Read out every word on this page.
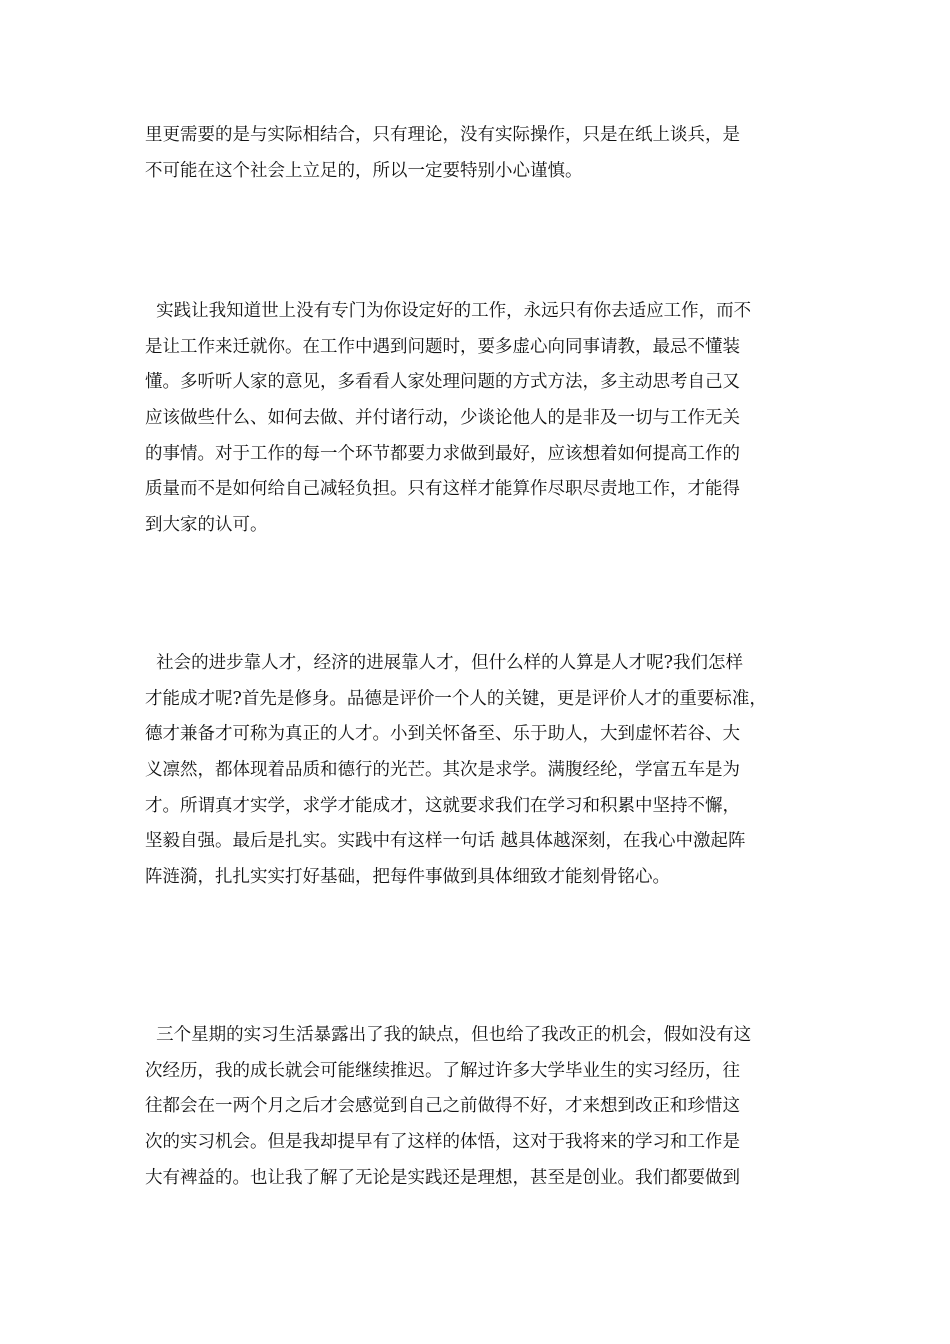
里更需要的是与实际相结合，只有理论，没有实际操作，只是在纸上谈兵，是
不可能在这个社会上立足的，所以一定要特别小心谨慎。
实践让我知道世上没有专门为你设定好的工作，永远只有你去适应工作，而不
是让工作来迁就你。在工作中遇到问题时，要多虚心向同事请教，最忌不懂装
懂。多听听人家的意见，多看看人家处理问题的方式方法，多主动思考自己又
应该做些什么、如何去做、并付诸行动，少谈论他人的是非及一切与工作无关
的事情。对于工作的每一个环节都要力求做到最好，应该想着如何提高工作的
质量而不是如何给自己减轻负担。只有这样才能算作尽职尽责地工作，才能得
到大家的认可。
社会的进步靠人才，经济的进展靠人才，但什么样的人算是人才呢?我们怎样
才能成才呢?首先是修身。品德是评价一个人的关键，更是评价人才的重要标准，
德才兼备才可称为真正的人才。小到关怀备至、乐于助人，大到虚怀若谷、大
义凛然，都体现着品质和德行的光芒。其次是求学。满腹经纶，学富五车是为
才。所谓真才实学，求学才能成才，这就要求我们在学习和积累中坚持不懈，
坚毅自强。最后是扎实。实践中有这样一句话 越具体越深刻，在我心中激起阵
阵涟漪，扎扎实实打好基础，把每件事做到具体细致才能刻骨铭心。
三个星期的实习生活暴露出了我的缺点，但也给了我改正的机会，假如没有这
次经历，我的成长就会可能继续推迟。了解过许多大学毕业生的实习经历，往
往都会在一两个月之后才会感觉到自己之前做得不好，才来想到改正和珍惜这
次的实习机会。但是我却提早有了这样的体悟，这对于我将来的学习和工作是
大有裨益的。也让我了解了无论是实践还是理想，甚至是创业。我们都要做到
